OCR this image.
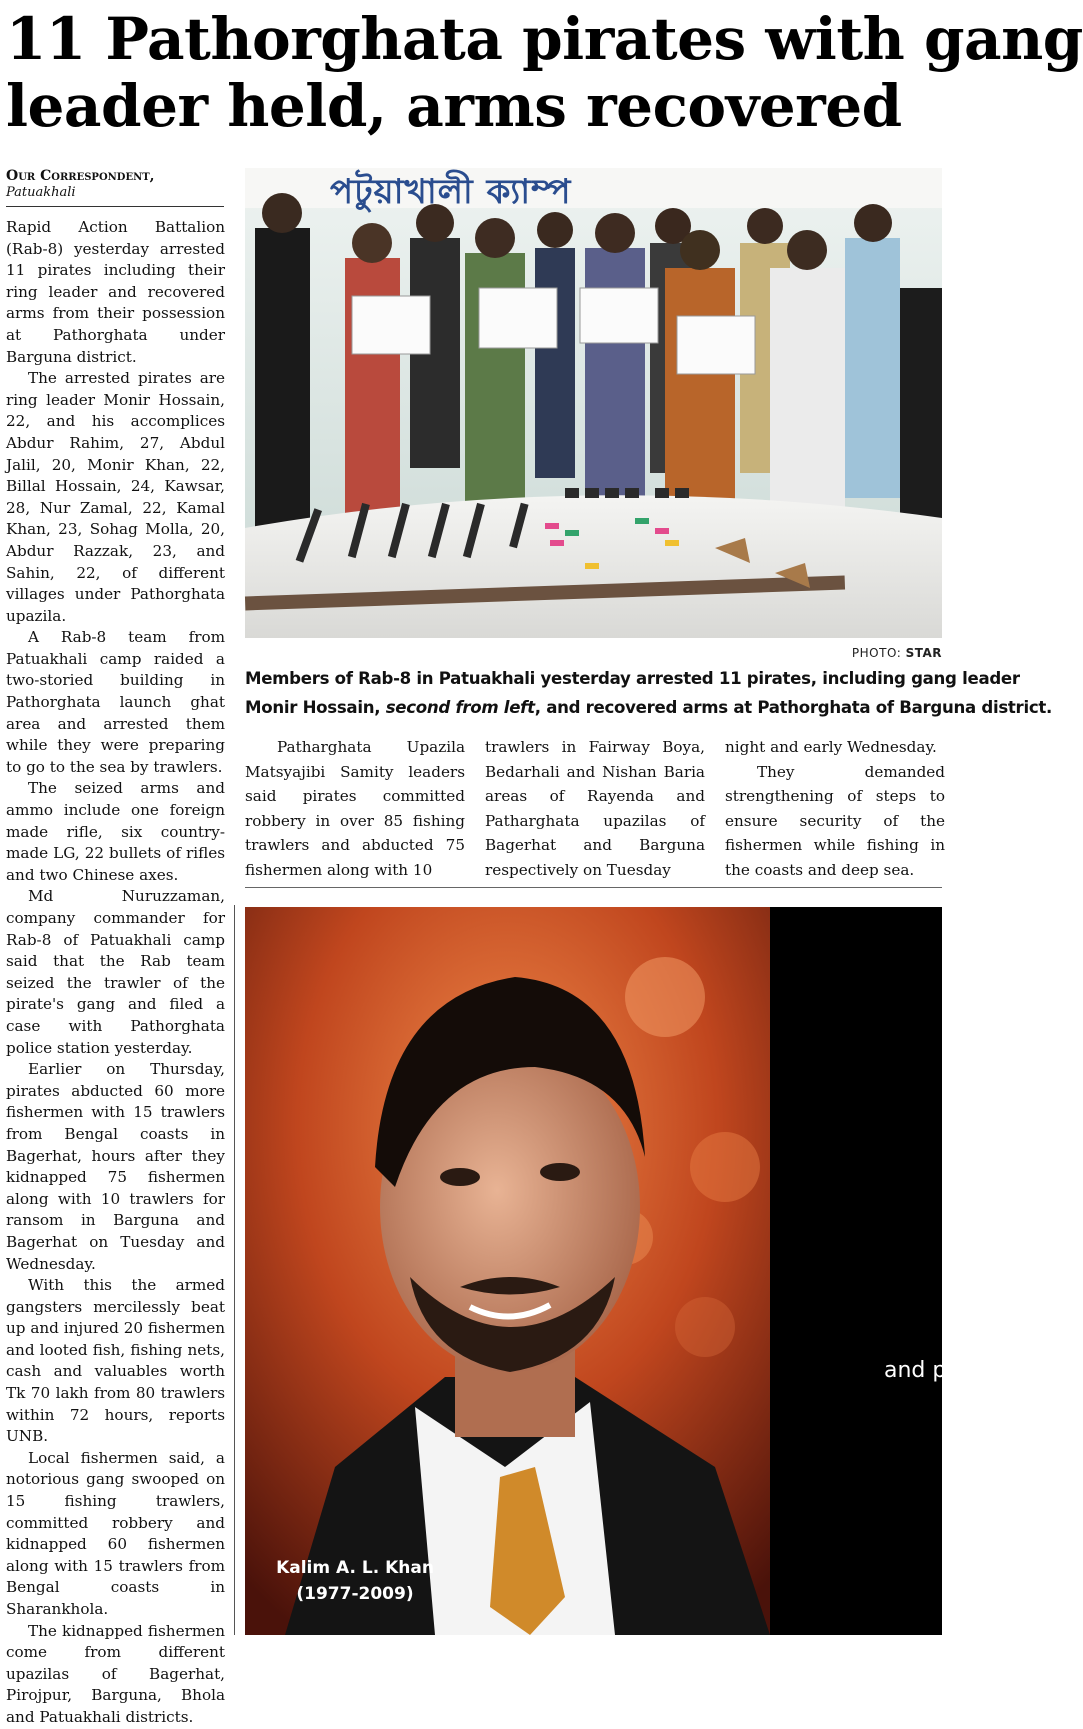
11 Pathorghata pirates with gang
leader held, arms recovered
Our Correspondent,
Patuakhali

Rapid Action Battalion (Rab-8) yesterday arrested 11 pirates including their ring leader and recovered arms from their possession at Pathorghata under Barguna district.

The arrested pirates are ring leader Monir Hossain, 22, and his accomplices Abdur Rahim, 27, Abdul Jalil, 20, Monir Khan, 22, Billal Hossain, 24, Kawsar, 28, Nur Zamal, 22, Kamal Khan, 23, Sohag Molla, 20, Abdur Razzak, 23, and Sahin, 22, of different villages under Pathorghata upazila.

A Rab-8 team from Patuakhali camp raided a two-storied building in Pathorghata launch ghat area and arrested them while they were preparing to go to the sea by trawlers.

The seized arms and ammo include one foreign made rifle, six country-made LG, 22 bullets of rifles and two Chinese axes.

Md Nuruzzaman, company commander for Rab-8 of Patuakhali camp said that the Rab team seized the trawler of the pirate's gang and filed a case with Pathorghata police station yesterday.

Earlier on Thursday, pirates abducted 60 more fishermen with 15 trawlers from Bengal coasts in Bagerhat, hours after they kidnapped 75 fishermen along with 10 trawlers for ransom in Barguna and Bagerhat on Tuesday and Wednesday.

With this the armed gangsters mercilessly beat up and injured 20 fishermen and looted fish, fishing nets, cash and valuables worth Tk 70 lakh from 80 trawlers within 72 hours, reports UNB.

Local fishermen said, a notorious gang swooped on 15 fishing trawlers, committed robbery and kidnapped 60 fishermen along with 15 trawlers from Bengal coasts in Sharankhola.

The kidnapped fishermen come from different upazilas of Bagerhat, Pirojpur, Barguna, Bhola and Patuakhali districts.

পটুয়াখালী ক্যাম্প
PHOTO: STAR
Members of Rab-8 in Patuakhali yesterday arrested 11 pirates, including gang leader
Monir Hossain, second from left, and recovered arms at Pathorghata of Barguna district.

Patharghata Upazila Matsyajibi Samity leaders said pirates committed robbery in over 85 fishing trawlers and abducted 75 fishermen along with 10

trawlers in Fairway Boya, Bedarhali and Nishan Baria areas of Rayenda and Patharghata upazilas of Bagerhat and Barguna respectively on Tuesday

night and early Wednesday.

They demanded strengthening of steps to ensure security of the fishermen while fishing in the coasts and deep sea.

Kalim A. L. Khan
(1977-2009)
and p
